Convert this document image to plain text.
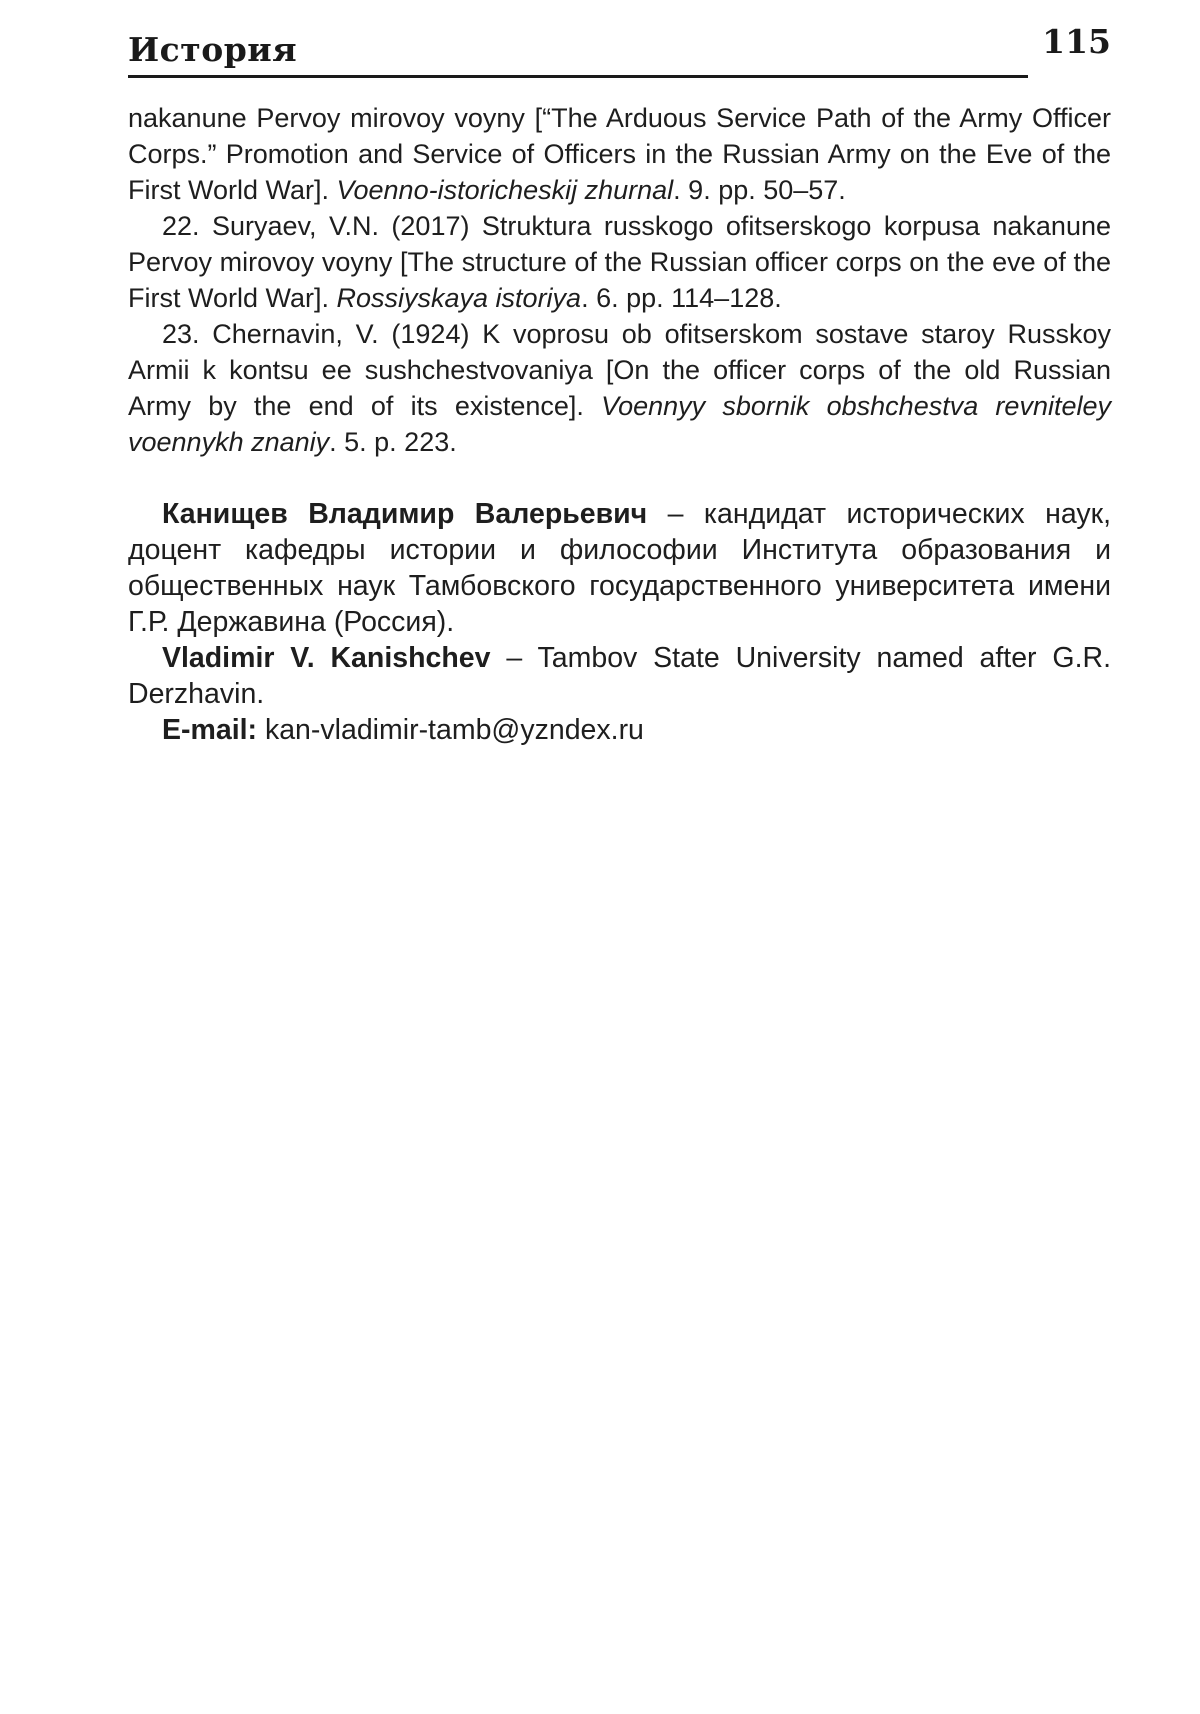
История	115

nakanune Pervoy mirovoy voyny [“The Arduous Service Path of the Army Officer Corps.” Promotion and Service of Officers in the Russian Army on the Eve of the First World War]. Voenno-istoricheskij zhurnal. 9. pp. 50–57.

22. Suryaev, V.N. (2017) Struktura russkogo ofitserskogo korpusa nakanune Pervoy mirovoy voyny [The structure of the Russian officer corps on the eve of the First World War]. Rossiyskaya istoriya. 6. pp. 114–128.

23. Chernavin, V. (1924) K voprosu ob ofitserskom sostave staroy Russkoy Armii k kontsu ee sushchestvovaniya [On the officer corps of the old Russian Army by the end of its existence]. Voennyy sbornik obshchestva revniteley voennykh znaniy. 5. p. 223.

Канищев Владимир Валерьевич – кандидат исторических наук, доцент кафедры истории и философии Института образования и общественных наук Тамбовского государственного университета имени Г.Р. Державина (Россия).

Vladimir V. Kanishchev – Tambov State University named after G.R. Derzhavin.

E-mail: kan-vladimir-tamb@yzndex.ru
